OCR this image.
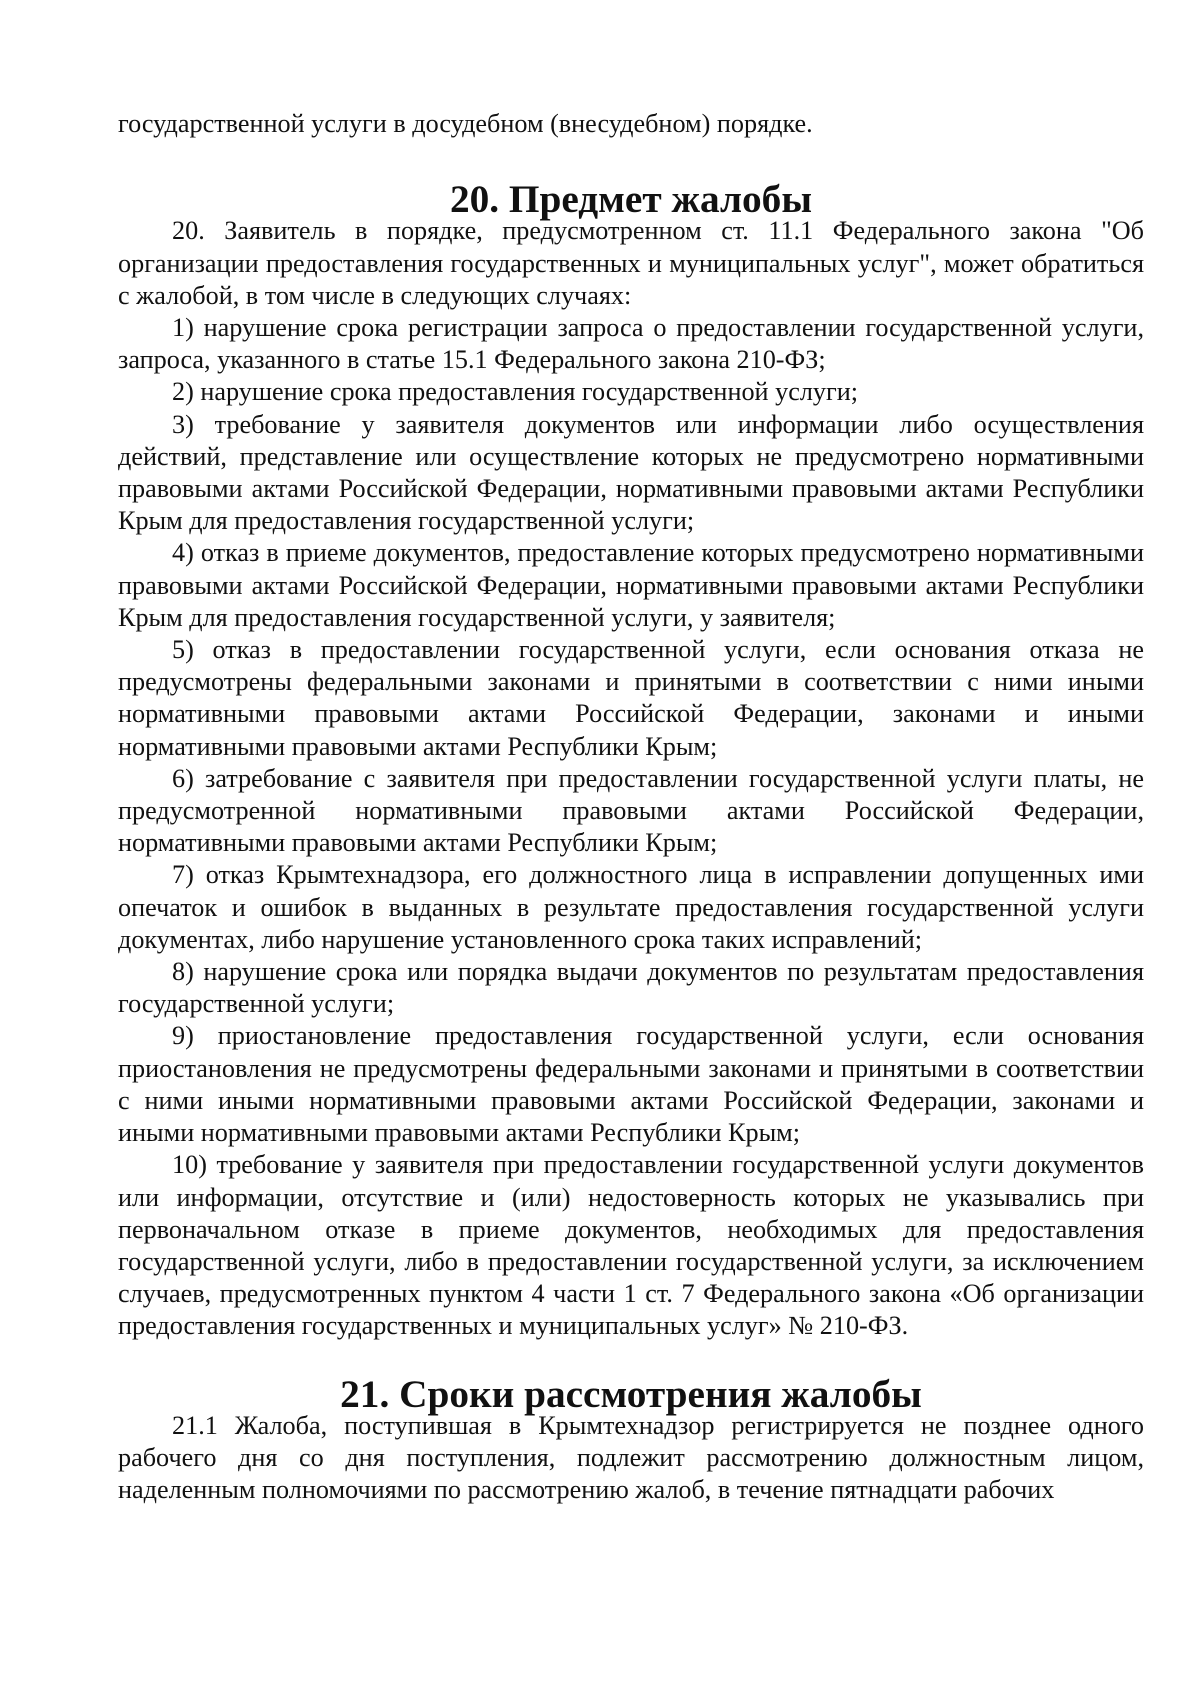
государственной услуги в досудебном (внесудебном) порядке.

20. Предмет жалобы

20. Заявитель в порядке, предусмотренном ст. 11.1 Федерального закона "Об организации предоставления государственных и муниципальных услуг", может обратиться с жалобой, в том числе в следующих случаях:

1) нарушение срока регистрации запроса о предоставлении государственной услуги, запроса, указанного в статье 15.1 Федерального закона 210-ФЗ;

2) нарушение срока предоставления государственной услуги;

3) требование у заявителя документов или информации либо осуществления действий, представление или осуществление которых не предусмотрено нормативными правовыми актами Российской Федерации, нормативными правовыми актами Республики Крым для предоставления государственной услуги;

4) отказ в приеме документов, предоставление которых предусмотрено нормативными правовыми актами Российской Федерации, нормативными правовыми актами Республики Крым для предоставления государственной услуги, у заявителя;

5) отказ в предоставлении государственной услуги, если основания отказа не предусмотрены федеральными законами и принятыми в соответствии с ними иными нормативными правовыми актами Российской Федерации, законами и иными нормативными правовыми актами Республики Крым;

6) затребование с заявителя при предоставлении государственной услуги платы, не предусмотренной нормативными правовыми актами Российской Федерации, нормативными правовыми актами Республики Крым;

7) отказ Крымтехнадзора, его должностного лица в исправлении допущенных ими опечаток и ошибок в выданных в результате предоставления государственной услуги документах, либо нарушение установленного срока таких исправлений;

8) нарушение срока или порядка выдачи документов по результатам предоставления государственной услуги;

9) приостановление предоставления государственной услуги, если основания приостановления не предусмотрены федеральными законами и принятыми в соответствии с ними иными нормативными правовыми актами Российской Федерации, законами и иными нормативными правовыми актами Республики Крым;

10) требование у заявителя при предоставлении государственной услуги документов или информации, отсутствие и (или) недостоверность которых не указывались при первоначальном отказе в приеме документов, необходимых для предоставления государственной услуги, либо в предоставлении государственной услуги, за исключением случаев, предусмотренных пунктом 4 части 1 ст. 7 Федерального закона «Об организации предоставления государственных и муниципальных услуг» № 210-ФЗ.

21. Сроки рассмотрения жалобы

21.1 Жалоба, поступившая в Крымтехнадзор регистрируется не позднее одного рабочего дня со дня поступления, подлежит рассмотрению должностным лицом, наделенным полномочиями по рассмотрению жалоб, в течение пятнадцати рабочих
